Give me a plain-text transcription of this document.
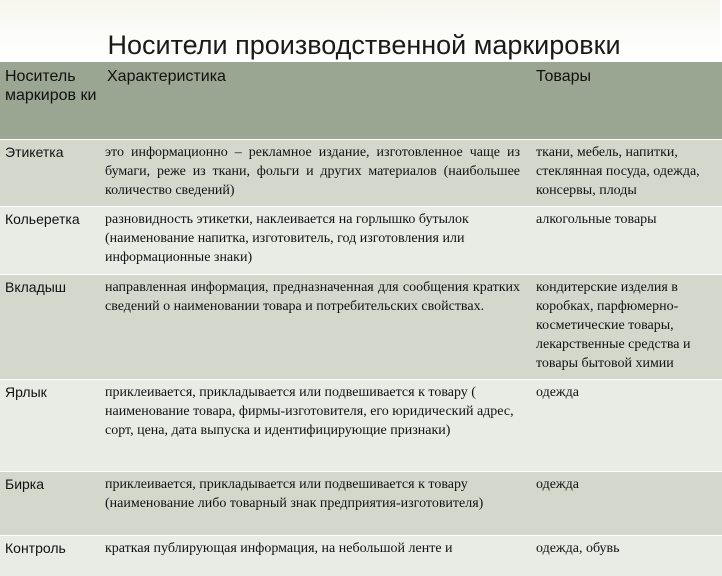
Носители производственной маркировки
Носитель маркиров ки	Характеристика	Товары
Этикетка	это информационно – рекламное издание, изготовленное чаще из бумаги, реже из ткани, фольги и других материалов (наибольшее количество сведений)	ткани, мебель, напитки, стеклянная посуда, одежда, консервы, плоды
Кольеретка	разновидность этикетки, наклеивается на горлышко бутылок (наименование напитка, изготовитель, год изготовления или информационные знаки)	алкогольные товары
Вкладыш	направленная информация, предназначенная для сообщения кратких сведений о наименовании товара и потребительских свойствах.	кондитерские изделия в коробках, парфюмерно-косметические товары, лекарственные средства и товары бытовой химии
Ярлык	приклеивается, прикладывается или подвешивается к товару ( наименование товара, фирмы-изготовителя, его юридический адрес, сорт, цена, дата выпуска и идентифицирующие признаки)	одежда
Бирка	приклеивается, прикладывается или подвешивается к товару (наименование либо товарный знак предприятия-изготовителя)	одежда
Контроль	краткая публирующая информация, на небольшой ленте и	одежда, обувь
